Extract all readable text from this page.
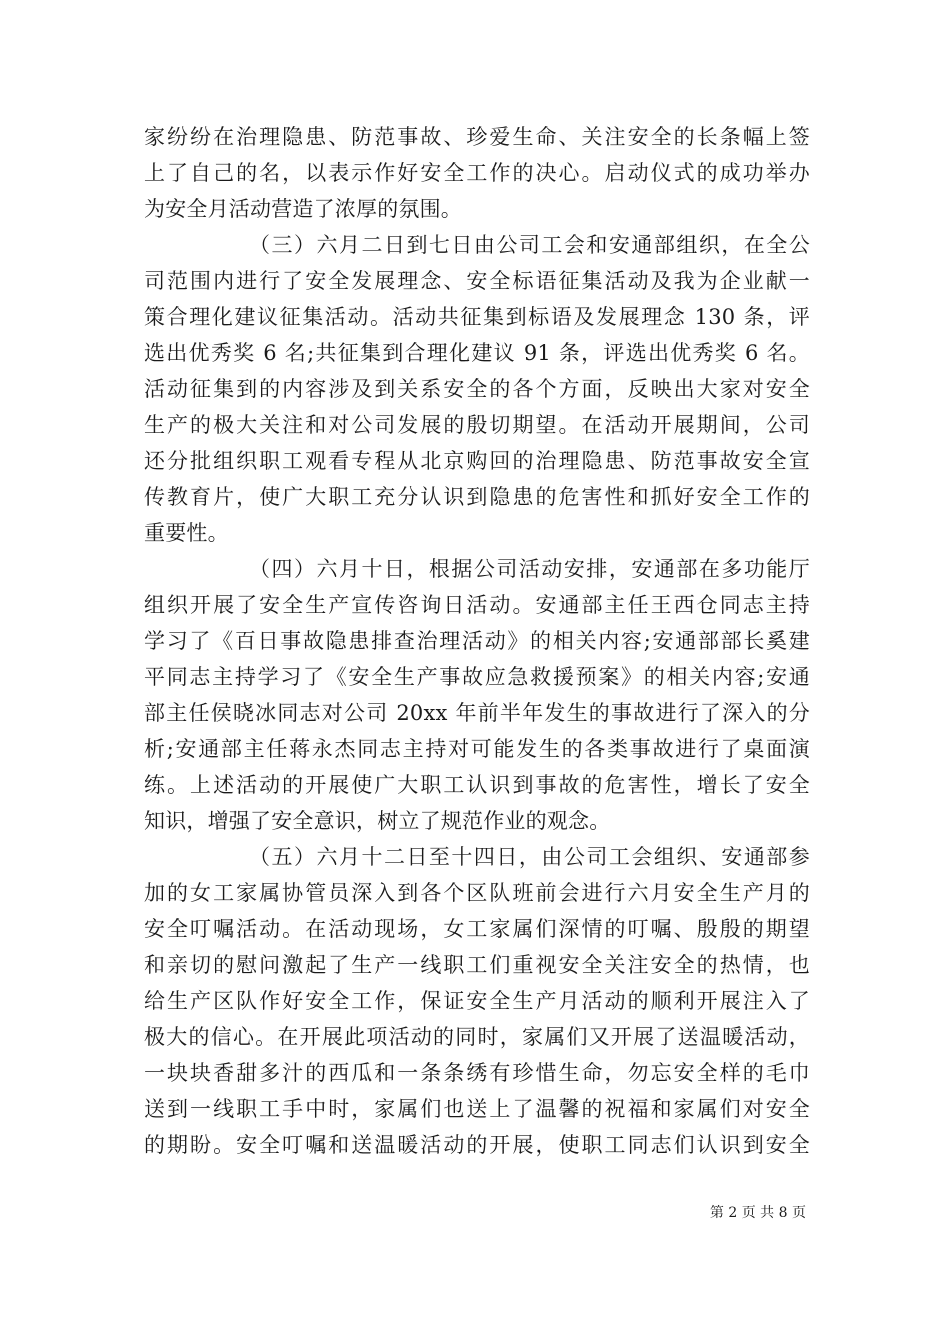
家纷纷在治理隐患、防范事故、珍爱生命、关注安全的长条幅上签
上了自己的名，以表示作好安全工作的决心。启动仪式的成功举办
为安全月活动营造了浓厚的氛围。
（三）六月二日到七日由公司工会和安通部组织，在全公
司范围内进行了安全发展理念、安全标语征集活动及我为企业献一
策合理化建议征集活动。活动共征集到标语及发展理念 130 条，评
选出优秀奖 6 名;共征集到合理化建议 91 条，评选出优秀奖 6 名。
活动征集到的内容涉及到关系安全的各个方面，反映出大家对安全
生产的极大关注和对公司发展的殷切期望。在活动开展期间，公司
还分批组织职工观看专程从北京购回的治理隐患、防范事故安全宣
传教育片，使广大职工充分认识到隐患的危害性和抓好安全工作的
重要性。
（四）六月十日，根据公司活动安排，安通部在多功能厅
组织开展了安全生产宣传咨询日活动。安通部主任王西仓同志主持
学习了《百日事故隐患排查治理活动》的相关内容;安通部部长奚建
平同志主持学习了《安全生产事故应急救援预案》的相关内容;安通
部主任侯晓冰同志对公司 20xx 年前半年发生的事故进行了深入的分
析;安通部主任蒋永杰同志主持对可能发生的各类事故进行了桌面演
练。上述活动的开展使广大职工认识到事故的危害性，增长了安全
知识，增强了安全意识，树立了规范作业的观念。
（五）六月十二日至十四日，由公司工会组织、安通部参
加的女工家属协管员深入到各个区队班前会进行六月安全生产月的
安全叮嘱活动。在活动现场，女工家属们深情的叮嘱、殷殷的期望
和亲切的慰问激起了生产一线职工们重视安全关注安全的热情，也
给生产区队作好安全工作，保证安全生产月活动的顺利开展注入了
极大的信心。在开展此项活动的同时，家属们又开展了送温暖活动，
一块块香甜多汁的西瓜和一条条绣有珍惜生命，勿忘安全样的毛巾
送到一线职工手中时，家属们也送上了温馨的祝福和家属们对安全
的期盼。安全叮嘱和送温暖活动的开展，使职工同志们认识到安全
第 2 页 共 8 页
